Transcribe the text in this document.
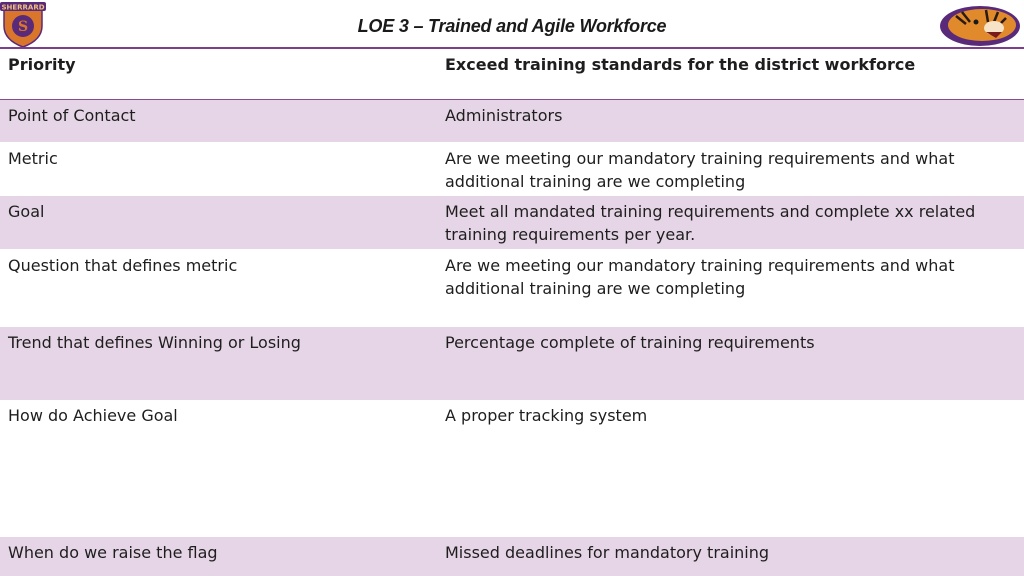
SHERRARD
S	LOE 3 – Trained and Agile Workforce
Priority	Exceed training standards for the district workforce
Point of Contact	Administrators
Metric	Are we meeting our mandatory training requirements and what additional training are we completing
Goal	Meet all mandated training requirements and complete xx related training requirements per year.
Question that defines metric	Are we meeting our mandatory training requirements and what additional training are we completing
Trend that defines Winning or Losing	Percentage complete of training requirements
How do Achieve Goal	A proper tracking system
When do we raise the flag	Missed deadlines for mandatory training
